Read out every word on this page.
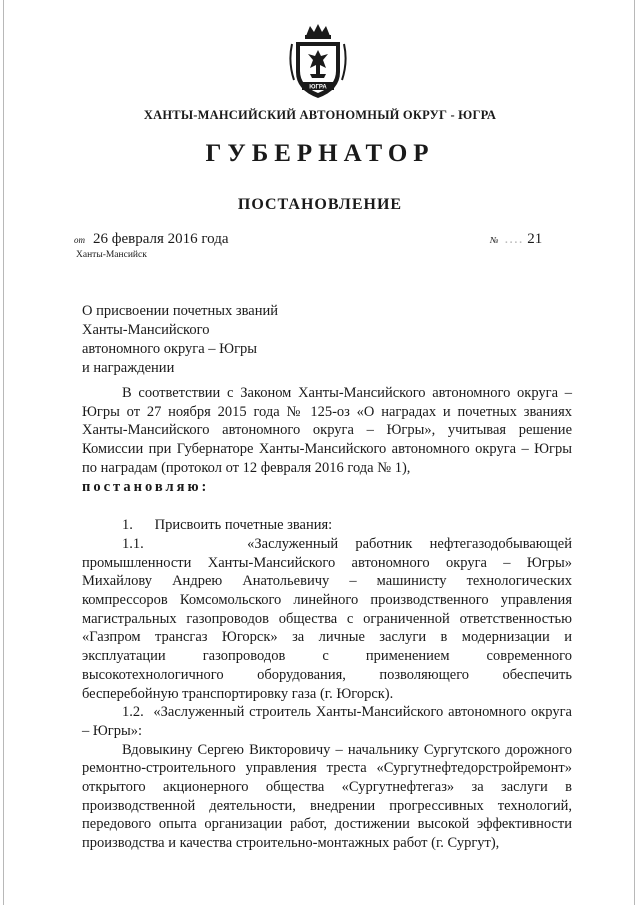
ЮГРА
ХАНТЫ-МАНСИЙСКИЙ АВТОНОМНЫЙ ОКРУГ - ЮГРА
ГУБЕРНАТОР
ПОСТАНОВЛЕНИЕ
от 26 февраля 2016 года	№ .... 21
Ханты-Мансийск
О присвоении почетных званий
Ханты-Мансийского
автономного округа – Югры
и награждении

В соответствии с Законом Ханты-Мансийского автономного округа – Югры от 27 ноября 2015 года № 125-оз «О наградах и почетных званиях Ханты-Мансийского автономного округа – Югры», учитывая решение Комиссии при Губернаторе Ханты-Мансийского автономного округа – Югры по наградам (протокол от 12 февраля 2016 года № 1),

постановляю:

1.      Присвоить почетные звания:

1.1.      «Заслуженный работник нефтегазодобывающей промышленности Ханты-Мансийского автономного округа – Югры» Михайлову Андрею Анатольевичу – машинисту технологических компрессоров Комсомольского линейного производственного управления магистральных газопроводов общества с ограниченной ответственностью «Газпром трансгаз Югорск» за личные заслуги в модернизации и эксплуатации газопроводов с применением современного высокотехнологичного оборудования, позволяющего обеспечить бесперебойную транспортировку газа (г. Югорск).

1.2.  «Заслуженный строитель Ханты-Мансийского автономного округа – Югры»:

Вдовыкину Сергею Викторовичу – начальнику Сургутского дорожного ремонтно-строительного управления треста «Сургутнефтедорстройремонт» открытого акционерного общества «Сургутнефтегаз» за заслуги в производственной деятельности, внедрении прогрессивных технологий, передового опыта организации работ, достижении высокой эффективности производства и качества строительно-монтажных работ (г. Сургут),
